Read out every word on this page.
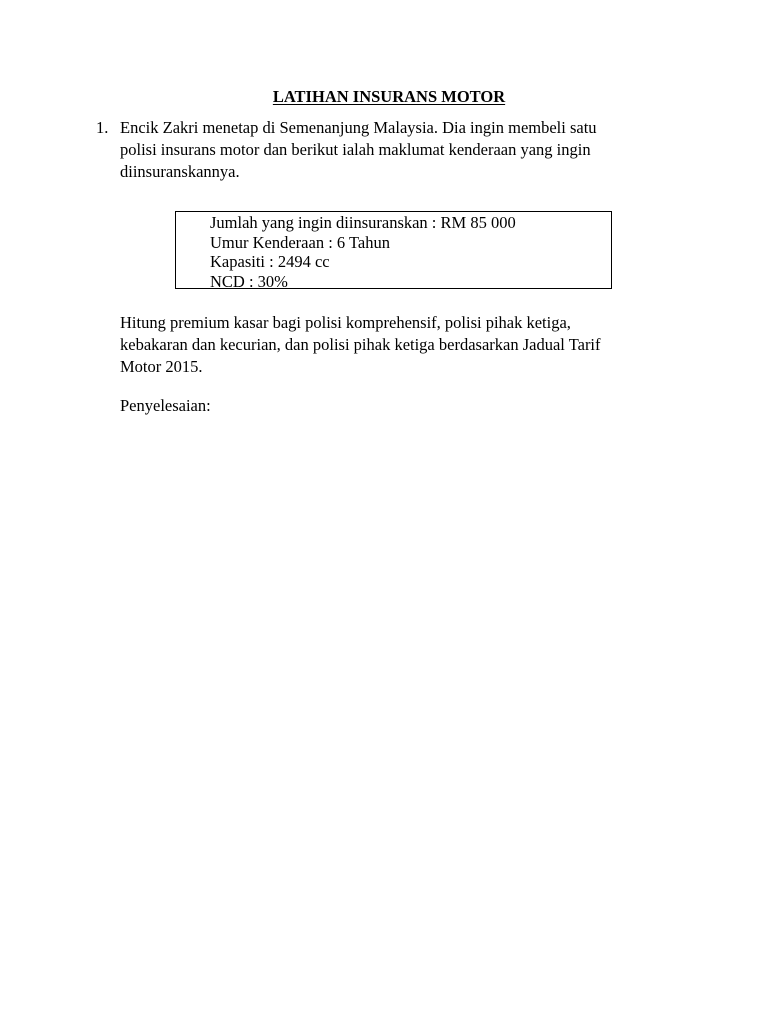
LATIHAN INSURANS MOTOR
1. Encik Zakri menetap di Semenanjung Malaysia. Dia ingin membeli satu
polisi insurans motor dan berikut ialah maklumat kenderaan yang ingin
diinsuranskannya.

Jumlah yang ingin diinsuranskan : RM 85 000
Umur Kenderaan : 6 Tahun
Kapasiti : 2494 cc
NCD : 30%

Hitung premium kasar bagi polisi komprehensif, polisi pihak ketiga,
kebakaran dan kecurian, dan polisi pihak ketiga berdasarkan Jadual Tarif
Motor 2015.

Penyelesaian:
